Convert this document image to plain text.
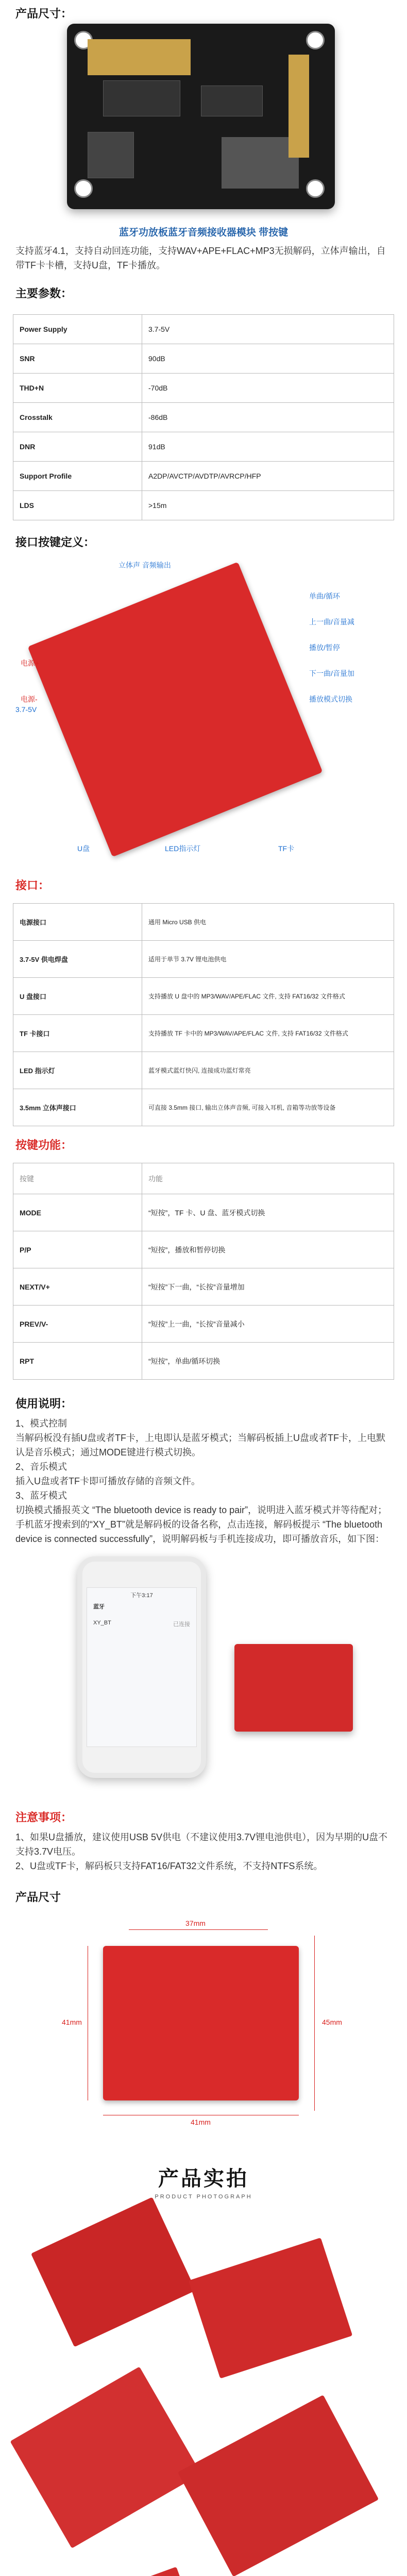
产品尺寸：
蓝牙功放板蓝牙音频接收器模块 带按键
支持蓝牙4.1，支持自动回连功能，支持WAV+APE+FLAC+MP3无损解码，立体声输出，自带TF卡卡槽，支持U盘，TF卡播放。
主要参数：
Power Supply	3.7-5V
SNR	90dB
THD+N	-70dB
Crosstalk	-86dB
DNR	91dB
Support Profile	A2DP/AVCTP/AVDTP/AVRCP/HFP
LDS	>15m
接口按键定义：
立体声 音频输出
单曲/循环
上一曲/音量减
播放/暂停
下一曲/音量加
播放模式切换
电源+
电源-
3.7-5V
U盘	LED指示灯	TF卡
接口：
电源接口	通用 Micro USB 供电
3.7-5V 供电焊盘	适用于单节 3.7V 锂电池供电
U 盘接口	支持播放 U 盘中的 MP3/WAV/APE/FLAC 文件, 支持 FAT16/32 文件格式
TF 卡接口	支持播放 TF 卡中的 MP3/WAV/APE/FLAC 文件, 支持 FAT16/32 文件格式
LED 指示灯	蓝牙模式蓝灯快闪, 连接成功蓝灯常亮
3.5mm 立体声接口	可直接 3.5mm 接口, 输出立体声音频, 可接入耳机, 音箱等功放等设备
按键功能：
按键	功能
MODE	“短按”，TF 卡、U 盘、蓝牙模式切换
P/P	“短按”，播放和暂停切换
NEXT/V+	“短按”下一曲，“长按”音量增加
PREV/V-	“短按”上一曲，“长按”音量减小
RPT	“短按”，单曲/循环切换
使用说明：

1、模式控制

当解码板没有插U盘或者TF卡，上电即认是蓝牙模式；当解码板插上U盘或者TF卡，上电默认是音乐模式；通过MODE键进行模式切换。

2、音乐模式

插入U盘或者TF卡即可播放存储的音频文件。

3、蓝牙模式

切换模式播报英文 “The bluetooth device is ready to pair”，说明进入蓝牙模式并等待配对；手机蓝牙搜索到的“XY_BT”就是解码板的设备名称，点击连接，解码板提示 “The bluetooth device is connected successfully”，说明解码板与手机连接成功，即可播放音乐，如下图：

下午3:17
蓝牙
XY_BT	已连接
注意事项：

1、如果U盘播放，建议使用USB 5V供电（不建议使用3.7V锂电池供电），因为早期的U盘不支持3.7V电压。

2、U盘或TF卡，解码板只支持FAT16/FAT32文件系统，不支持NTFS系统。

产品尺寸
37mm
41mm
41mm	45mm
产品实拍
PRODUCT PHOTOGRAPH
